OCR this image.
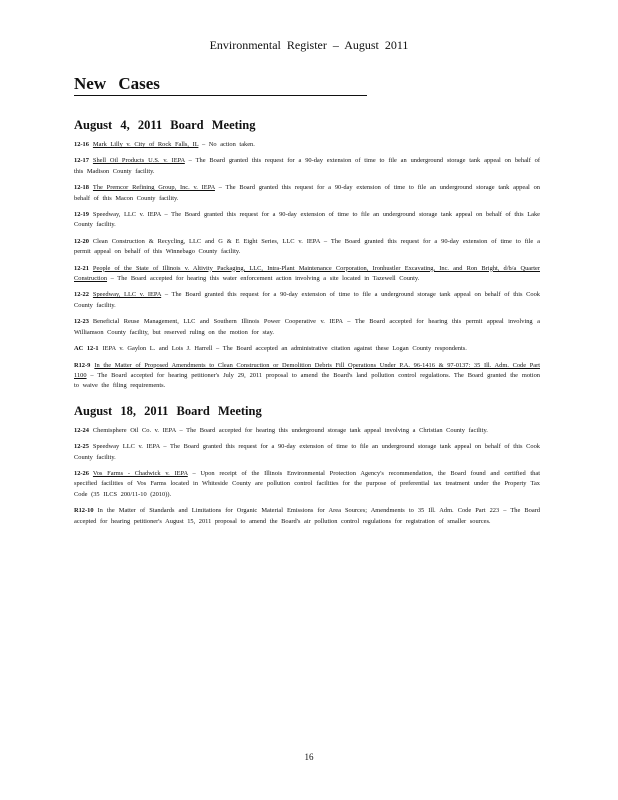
Environmental Register – August 2011
New Cases
August 4, 2011 Board Meeting

12-16 Mark Lilly v. City of Rock Falls, IL – No action taken.

12-17 Shell Oil Products U.S. v. IEPA – The Board granted this request for a 90-day extension of time to file an underground storage tank appeal on behalf of this Madison County facility.

12-18 The Premcor Refining Group, Inc. v. IEPA – The Board granted this request for a 90-day extension of time to file an underground storage tank appeal on behalf of this Macon County facility.

12-19 Speedway, LLC v. IEPA – The Board granted this request for a 90-day extension of time to file an underground storage tank appeal on behalf of this Lake County facility.

12-20 Clean Construction & Recycling, LLC and G & E Eight Series, LLC v. IEPA – The Board granted this request for a 90-day extension of time to file a permit appeal on behalf of this Winnebago County facility.

12-21 People of the State of Illinois v. Altivity Packaging, LLC, Intra-Plant Maintenance Corporation, Ironhustler Excavating, Inc. and Ron Bright, d/b/a Quarter Construction – The Board accepted for hearing this water enforcement action involving a site located in Tazewell County.

12-22 Speedway, LLC v. IEPA – The Board granted this request for a 90-day extension of time to file a underground storage tank appeal on behalf of this Cook County facility.

12-23 Beneficial Reuse Management, LLC and Southern Illinois Power Cooperative v. IEPA – The Board accepted for hearing this permit appeal involving a Williamson County facility, but reserved ruling on the motion for stay.

AC 12-1 IEPA v. Gaylon L. and Lois J. Harrell – The Board accepted an administrative citation against these Logan County respondents.

R12-9 In the Matter of Proposed Amendments to Clean Construction or Demolition Debris Fill Operations Under P.A. 96-1416 & 97-0137: 35 Ill. Adm. Code Part 1100 – The Board accepted for hearing petitioner's July 29, 2011 proposal to amend the Board's land pollution control regulations. The Board granted the motion to waive the filing requirements.

August 18, 2011 Board Meeting

12-24 Chemisphere Oil Co. v. IEPA – The Board accepted for hearing this underground storage tank appeal involving a Christian County facility.

12-25 Speedway LLC v. IEPA – The Board granted this request for a 90-day extension of time to file an underground storage tank appeal on behalf of this Cook County facility.

12-26 Vos Farms - Chadwick v. IEPA – Upon receipt of the Illinois Environmental Protection Agency's recommendation, the Board found and certified that specified facilities of Vos Farms located in Whiteside County are pollution control facilities for the purpose of preferential tax treatment under the Property Tax Code (35 ILCS 200/11-10 (2010)).

R12-10 In the Matter of Standards and Limitations for Organic Material Emissions for Area Sources; Amendments to 35 Ill. Adm. Code Part 223 – The Board accepted for hearing petitioner's August 15, 2011 proposal to amend the Board's air pollution control regulations for registration of smaller sources.

16
